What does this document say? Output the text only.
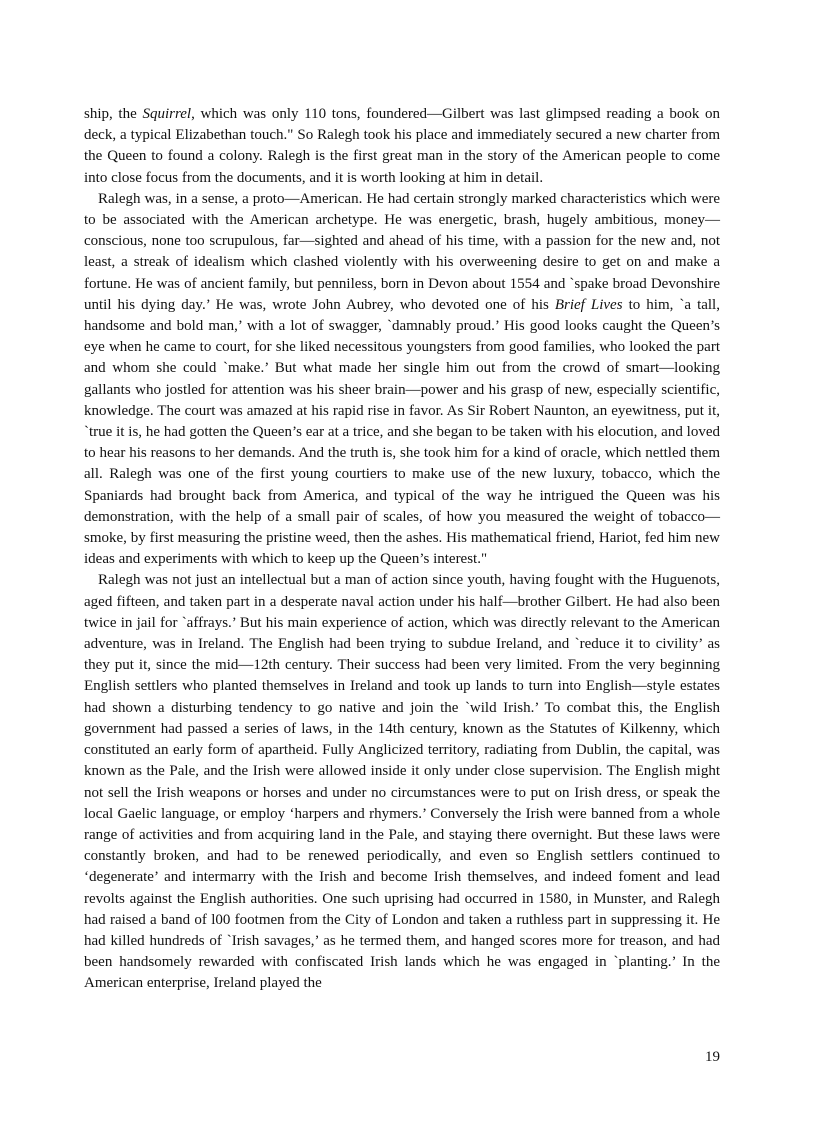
ship, the Squirrel, which was only 110 tons, foundered—Gilbert was last glimpsed reading a book on deck, a typical Elizabethan touch." So Ralegh took his place and immediately secured a new charter from the Queen to found a colony. Ralegh is the first great man in the story of the American people to come into close focus from the documents, and it is worth looking at him in detail.

Ralegh was, in a sense, a proto—American. He had certain strongly marked characteristics which were to be associated with the American archetype. He was energetic, brash, hugely ambitious, money—conscious, none too scrupulous, far—sighted and ahead of his time, with a passion for the new and, not least, a streak of idealism which clashed violently with his overweening desire to get on and make a fortune. He was of ancient family, but penniless, born in Devon about 1554 and `spake broad Devonshire until his dying day.’ He was, wrote John Aubrey, who devoted one of his Brief Lives to him, `a tall, handsome and bold man,’ with a lot of swagger, `damnably proud.’ His good looks caught the Queen’s eye when he came to court, for she liked necessitous youngsters from good families, who looked the part and whom she could `make.’ But what made her single him out from the crowd of smart—looking gallants who jostled for attention was his sheer brain—power and his grasp of new, especially scientific, knowledge. The court was amazed at his rapid rise in favor. As Sir Robert Naunton, an eyewitness, put it, `true it is, he had gotten the Queen’s ear at a trice, and she began to be taken with his elocution, and loved to hear his reasons to her demands. And the truth is, she took him for a kind of oracle, which nettled them all. Ralegh was one of the first young courtiers to make use of the new luxury, tobacco, which the Spaniards had brought back from America, and typical of the way he intrigued the Queen was his demonstration, with the help of a small pair of scales, of how you measured the weight of tobacco—smoke, by first measuring the pristine weed, then the ashes. His mathematical friend, Hariot, fed him new ideas and experiments with which to keep up the Queen’s interest."

Ralegh was not just an intellectual but a man of action since youth, having fought with the Huguenots, aged fifteen, and taken part in a desperate naval action under his half—brother Gilbert. He had also been twice in jail for `affrays.’ But his main experience of action, which was directly relevant to the American adventure, was in Ireland. The English had been trying to subdue Ireland, and `reduce it to civility’ as they put it, since the mid—12th century. Their success had been very limited. From the very beginning English settlers who planted themselves in Ireland and took up lands to turn into English—style estates had shown a disturbing tendency to go native and join the `wild Irish.’ To combat this, the English government had passed a series of laws, in the 14th century, known as the Statutes of Kilkenny, which constituted an early form of apartheid. Fully Anglicized territory, radiating from Dublin, the capital, was known as the Pale, and the Irish were allowed inside it only under close supervision. The English might not sell the Irish weapons or horses and under no circumstances were to put on Irish dress, or speak the local Gaelic language, or employ ‘harpers and rhymers.’ Conversely the Irish were banned from a whole range of activities and from acquiring land in the Pale, and staying there overnight. But these laws were constantly broken, and had to be renewed periodically, and even so English settlers continued to ‘degenerate’ and intermarry with the Irish and become Irish themselves, and indeed foment and lead revolts against the English authorities. One such uprising had occurred in 1580, in Munster, and Ralegh had raised a band of l00 footmen from the City of London and taken a ruthless part in suppressing it. He had killed hundreds of `Irish savages,’ as he termed them, and hanged scores more for treason, and had been handsomely rewarded with confiscated Irish lands which he was engaged in `planting.’ In the American enterprise, Ireland played the

19
